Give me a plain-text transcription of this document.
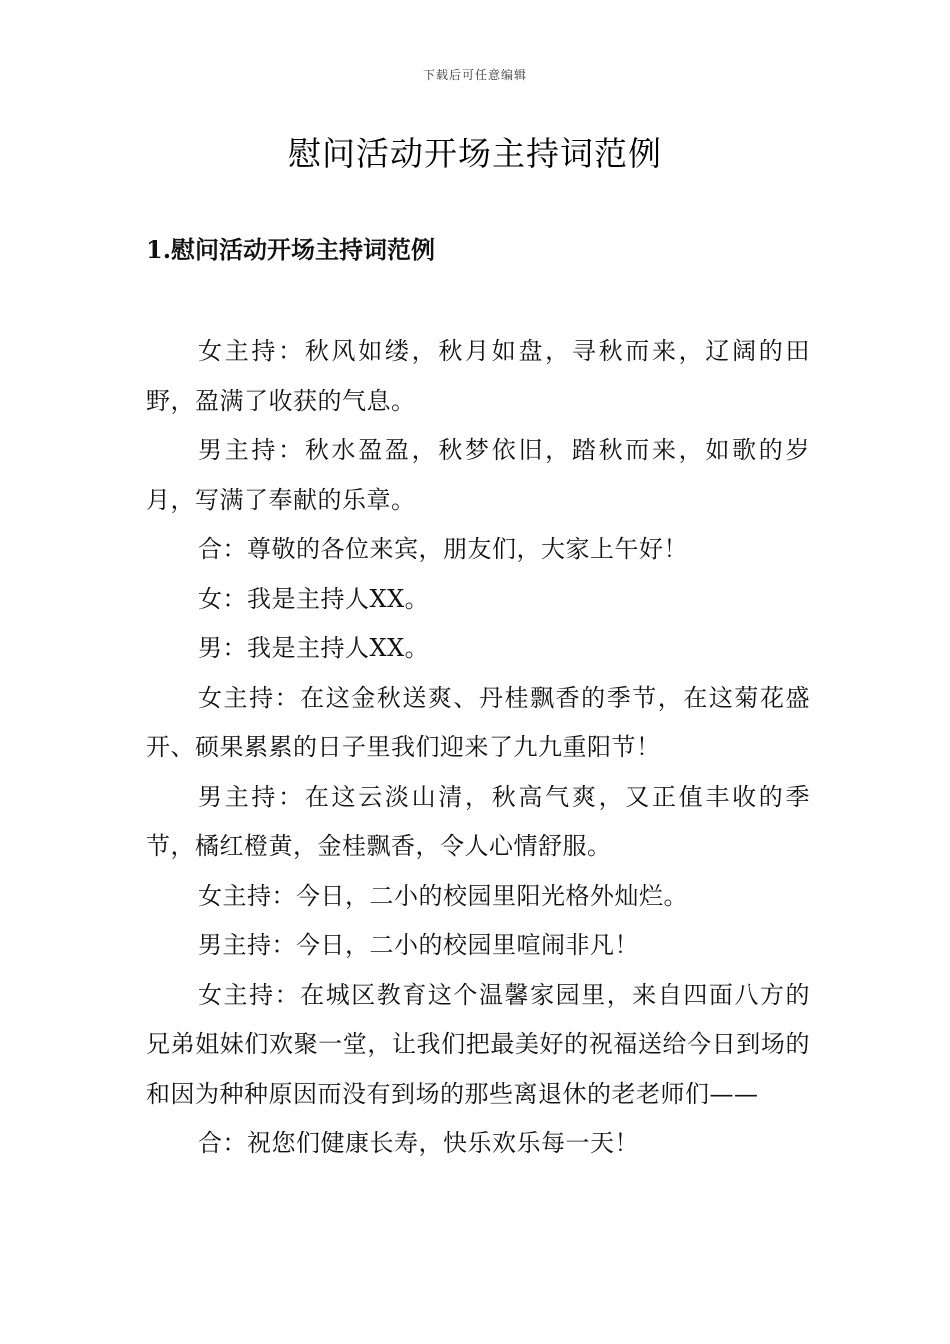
下载后可任意编辑
慰问活动开场主持词范例
1.慰问活动开场主持词范例

女主持：秋风如缕，秋月如盘，寻秋而来，辽阔的田野，盈满了收获的气息。

男主持：秋水盈盈，秋梦依旧，踏秋而来，如歌的岁月，写满了奉献的乐章。

合：尊敬的各位来宾，朋友们，大家上午好！

女：我是主持人XX。

男：我是主持人XX。

女主持：在这金秋送爽、丹桂飘香的季节，在这菊花盛开、硕果累累的日子里我们迎来了九九重阳节！

男主持：在这云淡山清，秋高气爽，又正值丰收的季节，橘红橙黄，金桂飘香，令人心情舒服。

女主持：今日，二小的校园里阳光格外灿烂。

男主持：今日，二小的校园里喧闹非凡！

女主持：在城区教育这个温馨家园里，来自四面八方的兄弟姐妹们欢聚一堂，让我们把最美好的祝福送给今日到场的和因为种种原因而没有到场的那些离退休的老老师们——

合：祝您们健康长寿，快乐欢乐每一天！
